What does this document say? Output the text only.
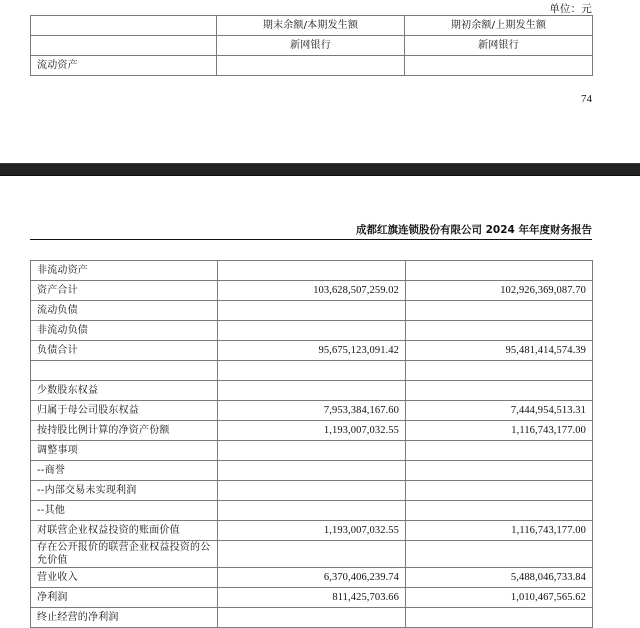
单位：元
	期末余额/本期发生额	期初余额/上期发生额
	新网银行	新网银行
流动资产		
74
成都红旗连锁股份有限公司 2024 年年度财务报告
非流动资产		
资产合计	103,628,507,259.02	102,926,369,087.70
流动负债		
非流动负债		
负债合计	95,675,123,091.42	95,481,414,574.39

少数股东权益		
归属于母公司股东权益	7,953,384,167.60	7,444,954,513.31
按持股比例计算的净资产份额	1,193,007,032.55	1,116,743,177.00
调整事项		
--商誉		
--内部交易未实现利润		
--其他		
对联营企业权益投资的账面价值	1,193,007,032.55	1,116,743,177.00
存在公开报价的联营企业权益投资的公允价值		
营业收入	6,370,406,239.74	5,488,046,733.84
净利润	811,425,703.66	1,010,467,565.62
终止经营的净利润		
